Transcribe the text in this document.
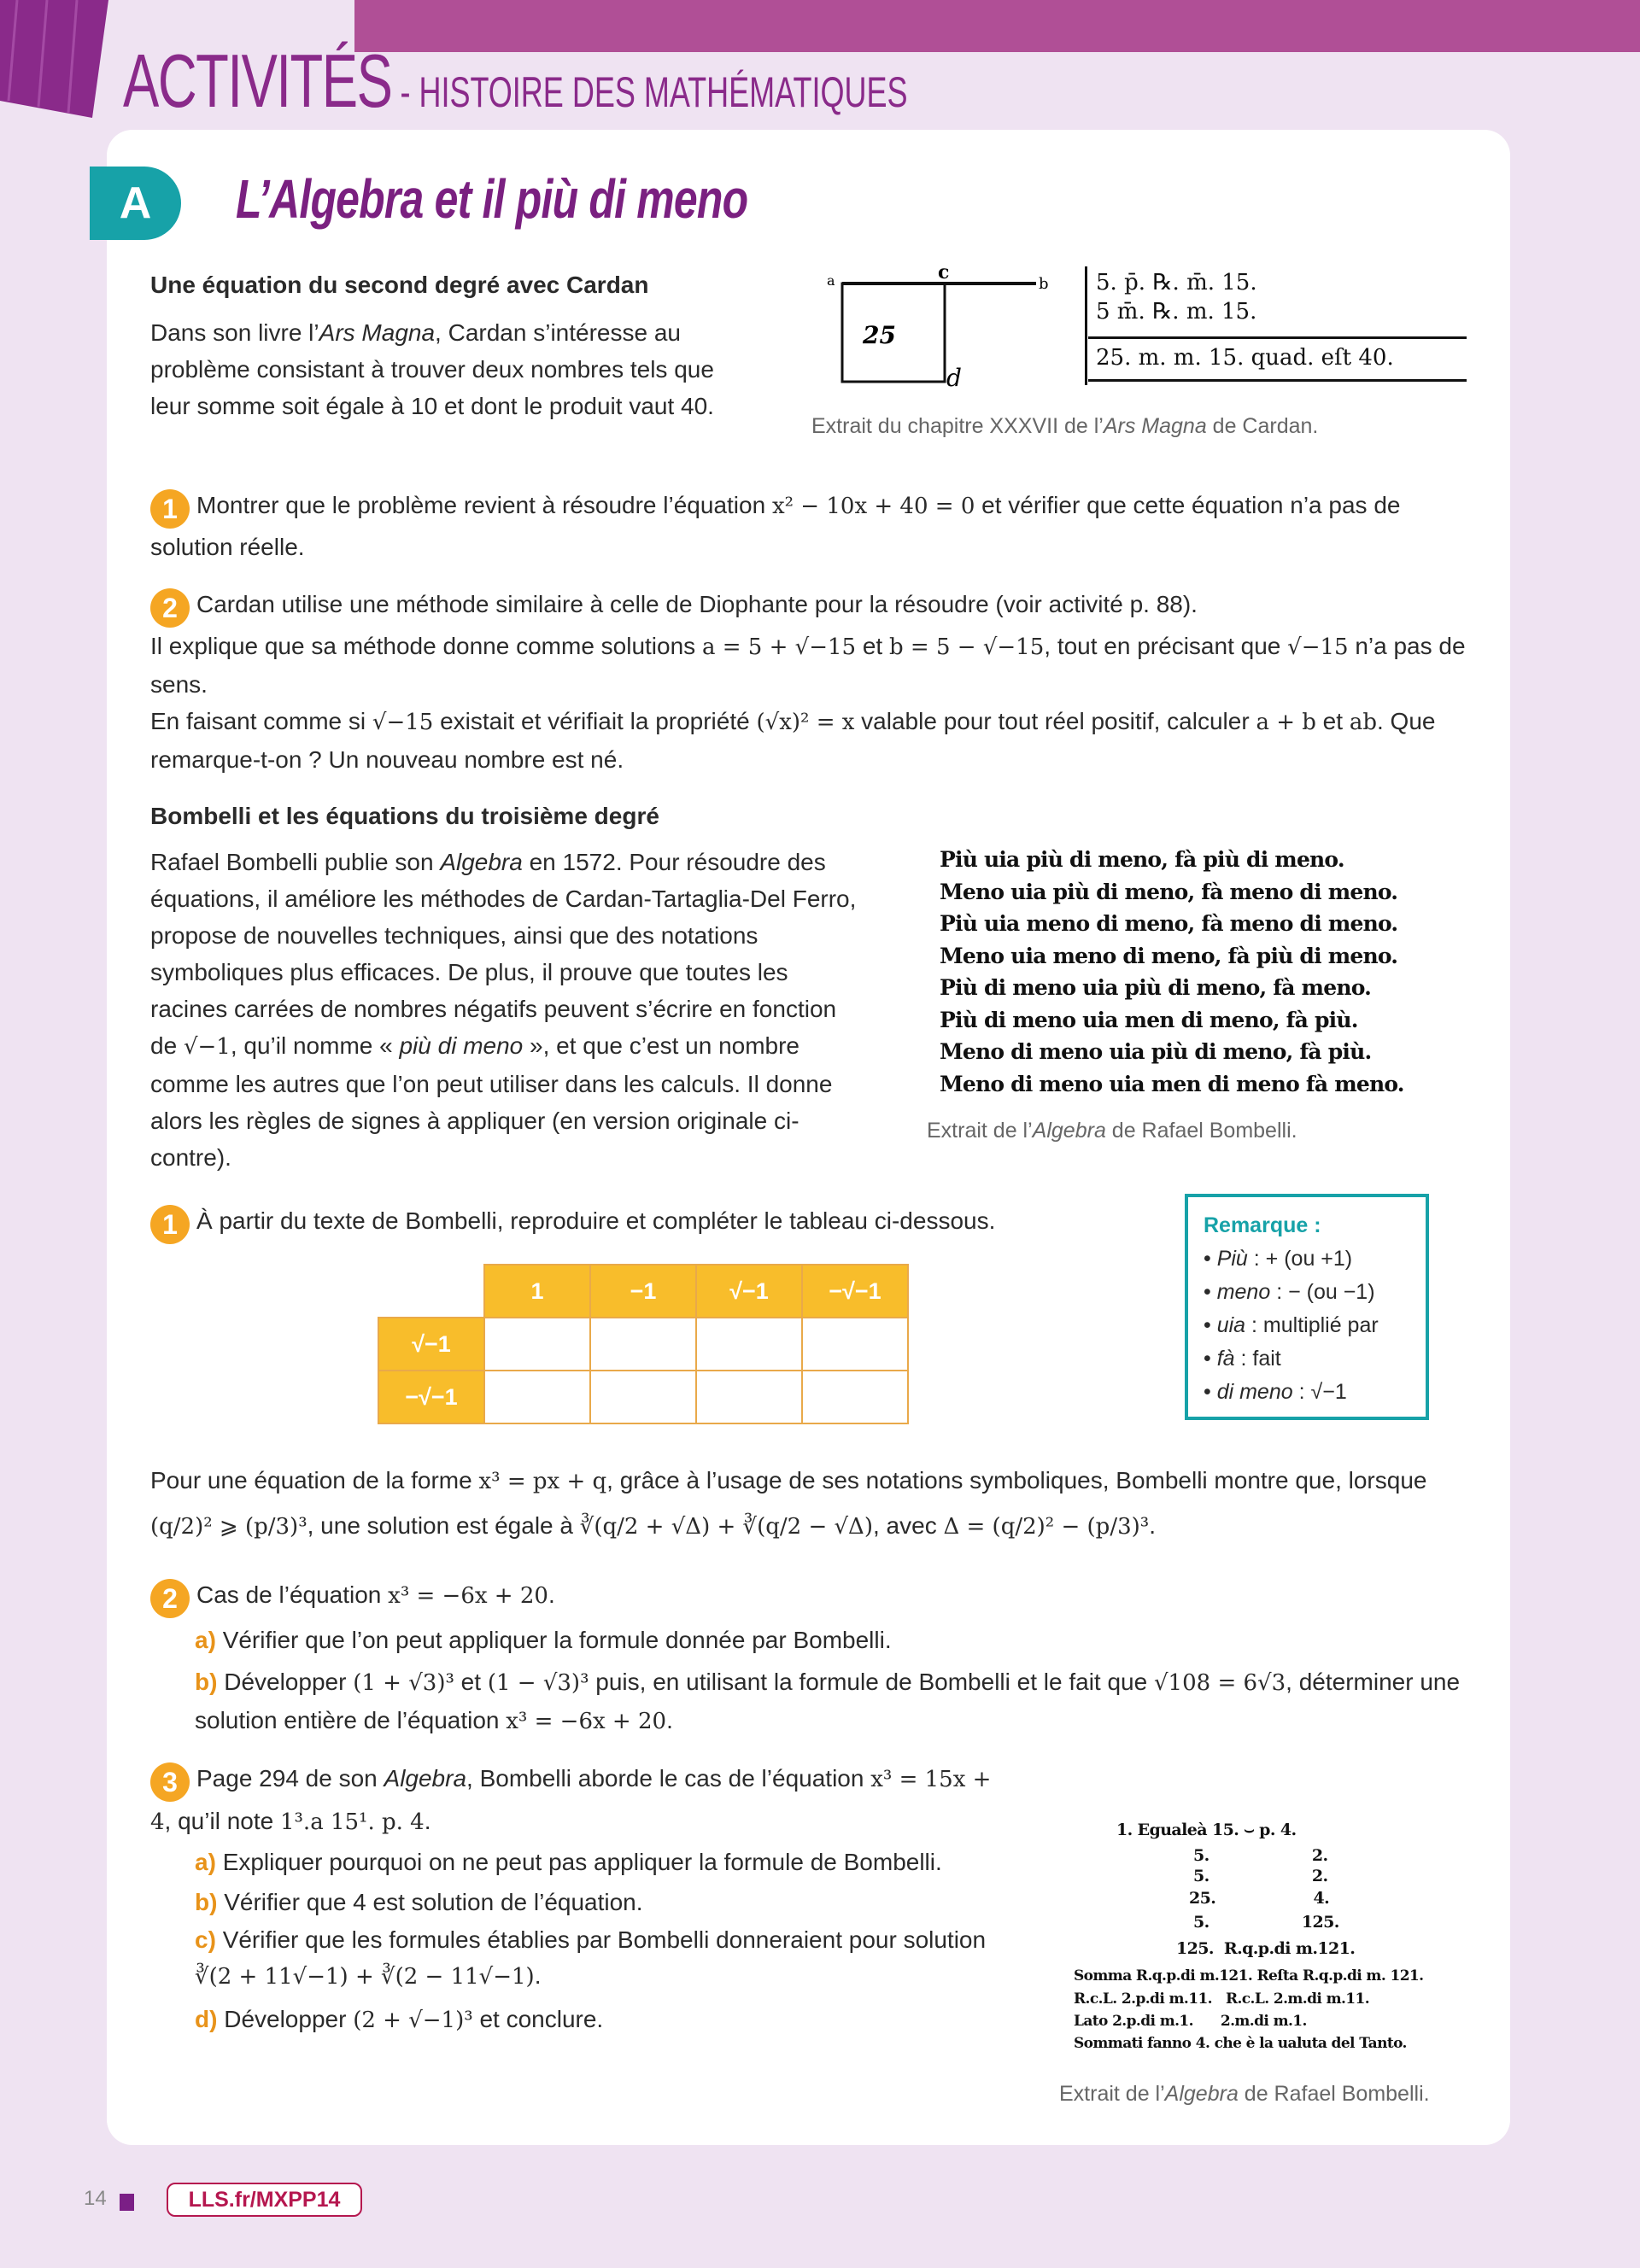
ACTIVITÉS - HISTOIRE DES MATHÉMATIQUES
A	L’Algebra et il più di meno
Une équation du second degré avec Cardan
Dans son livre l’Ars Magna, Cardan s’intéresse au problème consistant à trouver deux nombres tels que leur somme soit égale à 10 et dont le produit vaut 40.
a	c
b
25
d
5. p̄. ℞. m̄. 15.
5 m̄. ℞. m. 15.
25. m. m. 15. quad. eſt 40.
Extrait du chapitre XXXVII de l’Ars Magna de Cardan.
1 Montrer que le problème revient à résoudre l’équation x² − 10x + 40 = 0 et vérifier que cette équation n’a pas de solution réelle.
2 Cardan utilise une méthode similaire à celle de Diophante pour la résoudre (voir activité p. 88).
Il explique que sa méthode donne comme solutions a = 5 + √−15 et b = 5 − √−15, tout en précisant que √−15 n’a pas de sens.
En faisant comme si √−15 existait et vérifiait la propriété (√x)² = x valable pour tout réel positif, calculer a + b et ab. Que remarque-t-on ? Un nouveau nombre est né.
Bombelli et les équations du troisième degré
Rafael Bombelli publie son Algebra en 1572. Pour résoudre des équations, il améliore les méthodes de Cardan-Tartaglia-Del Ferro, propose de nouvelles techniques, ainsi que des notations symboliques plus efficaces. De plus, il prouve que toutes les racines carrées de nombres négatifs peuvent s’écrire en fonction de √−1, qu’il nomme « più di meno », et que c’est un nombre comme les autres que l’on peut utiliser dans les calculs. Il donne alors les règles de signes à appliquer (en version originale ci-contre).
Più uia più di meno, fà più di meno.
Meno uia più di meno, fà meno di meno.
Più uia meno di meno, fà meno di meno.
Meno uia meno di meno, fà più di meno.
Più di meno uia più di meno, fà meno.
Più di meno uia men di meno, fà più.
Meno di meno uia più di meno, fà più.
Meno di meno uia men di meno fà meno.
Extrait de l’Algebra de Rafael Bombelli.
1 À partir du texte de Bombelli, reproduire et compléter le tableau ci-dessous.
	1	−1	√−1	−√−1
√−1				
−√−1				
Remarque :
• Più : + (ou +1)
• meno : − (ou −1)
• uia : multiplié par
• fà : fait
• di meno : √−1
Pour une équation de la forme x³ = px + q, grâce à l’usage de ses notations symboliques, Bombelli montre que, lorsque (q/2)² ⩾ (p/3)³, une solution est égale à ∛(q/2 + √Δ) + ∛(q/2 − √Δ), avec Δ = (q/2)² − (p/3)³.
2 Cas de l’équation x³ = −6x + 20.
a) Vérifier que l’on peut appliquer la formule donnée par Bombelli.
b) Développer (1 + √3)³ et (1 − √3)³ puis, en utilisant la formule de Bombelli et le fait que √108 = 6√3, déterminer une solution entière de l’équation x³ = −6x + 20.
3 Page 294 de son Algebra, Bombelli aborde le cas de l’équation x³ = 15x + 4, qu’il note 1³.a 15¹. p. 4.
a) Expliquer pourquoi on ne peut pas appliquer la formule de Bombelli.
b) Vérifier que 4 est solution de l’équation.
c) Vérifier que les formules établies par Bombelli donneraient pour solution ∛(2 + 11√−1) + ∛(2 − 11√−1).
d) Développer (2 + √−1)³ et conclure.

1. Egualeà 15. ⌣ p. 4.
5.                    2.
5.                    2.
25.                   4.
5.                  125.
125.  R.q.p.di m.121.
Somma R.q.p.di m.121. Reſta R.q.p.di m. 121.
R.c.L. 2.p.di m.11.   R.c.L. 2.m.di m.11.
Lato 2.p.di m.1.      2.m.di m.1.
Sommati fanno 4. che è la ualuta del Tanto.

Extrait de l’Algebra de Rafael Bombelli.
14	LLS.fr/MXPP14
